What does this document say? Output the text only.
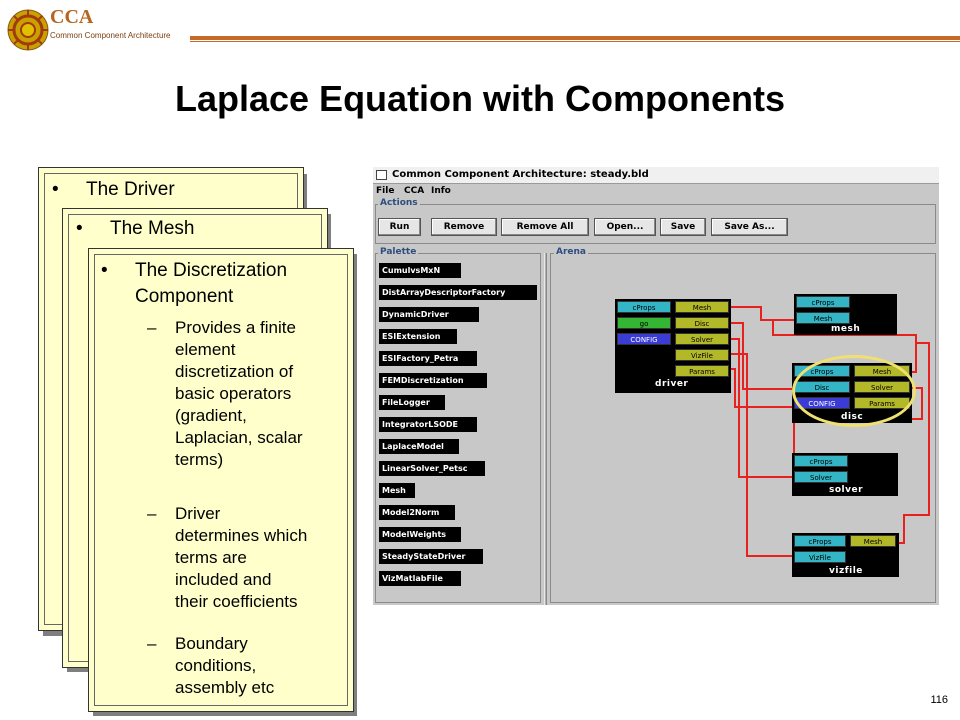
CCA
Common Component Architecture
Laplace Equation with Components
• The Driver
• The Mesh
• The Discretization
Component
– Provides a finite
element
discretization of
basic operators
(gradient,
Laplacian, scalar
terms)
– Driver
determines which
terms are
included and
their coefficients
– Boundary
conditions,
assembly etc
Common Component Architecture: steady.bld
File CCA Info
Actions
Run	Remove	Remove All	Open...	Save	Save As...
Palette	Arena
CumulvsMxN
DistArrayDescriptorFactory
DynamicDriver
ESIExtension
ESIFactory_Petra
FEMDiscretization
FileLogger
IntegratorLSODE
LaplaceModel
LinearSolver_Petsc
Mesh
Model2Norm
ModelWeights
SteadyStateDriver
VizMatlabFile
cProps
go
CONFIG
Mesh
Disc
Solver
VizFile
Params
driver
cProps
Mesh
mesh
cProps
Disc
CONFIG
Mesh
Solver
Params
disc
cProps
Solver
solver
cProps
VizFile
Mesh
vizfile
116
